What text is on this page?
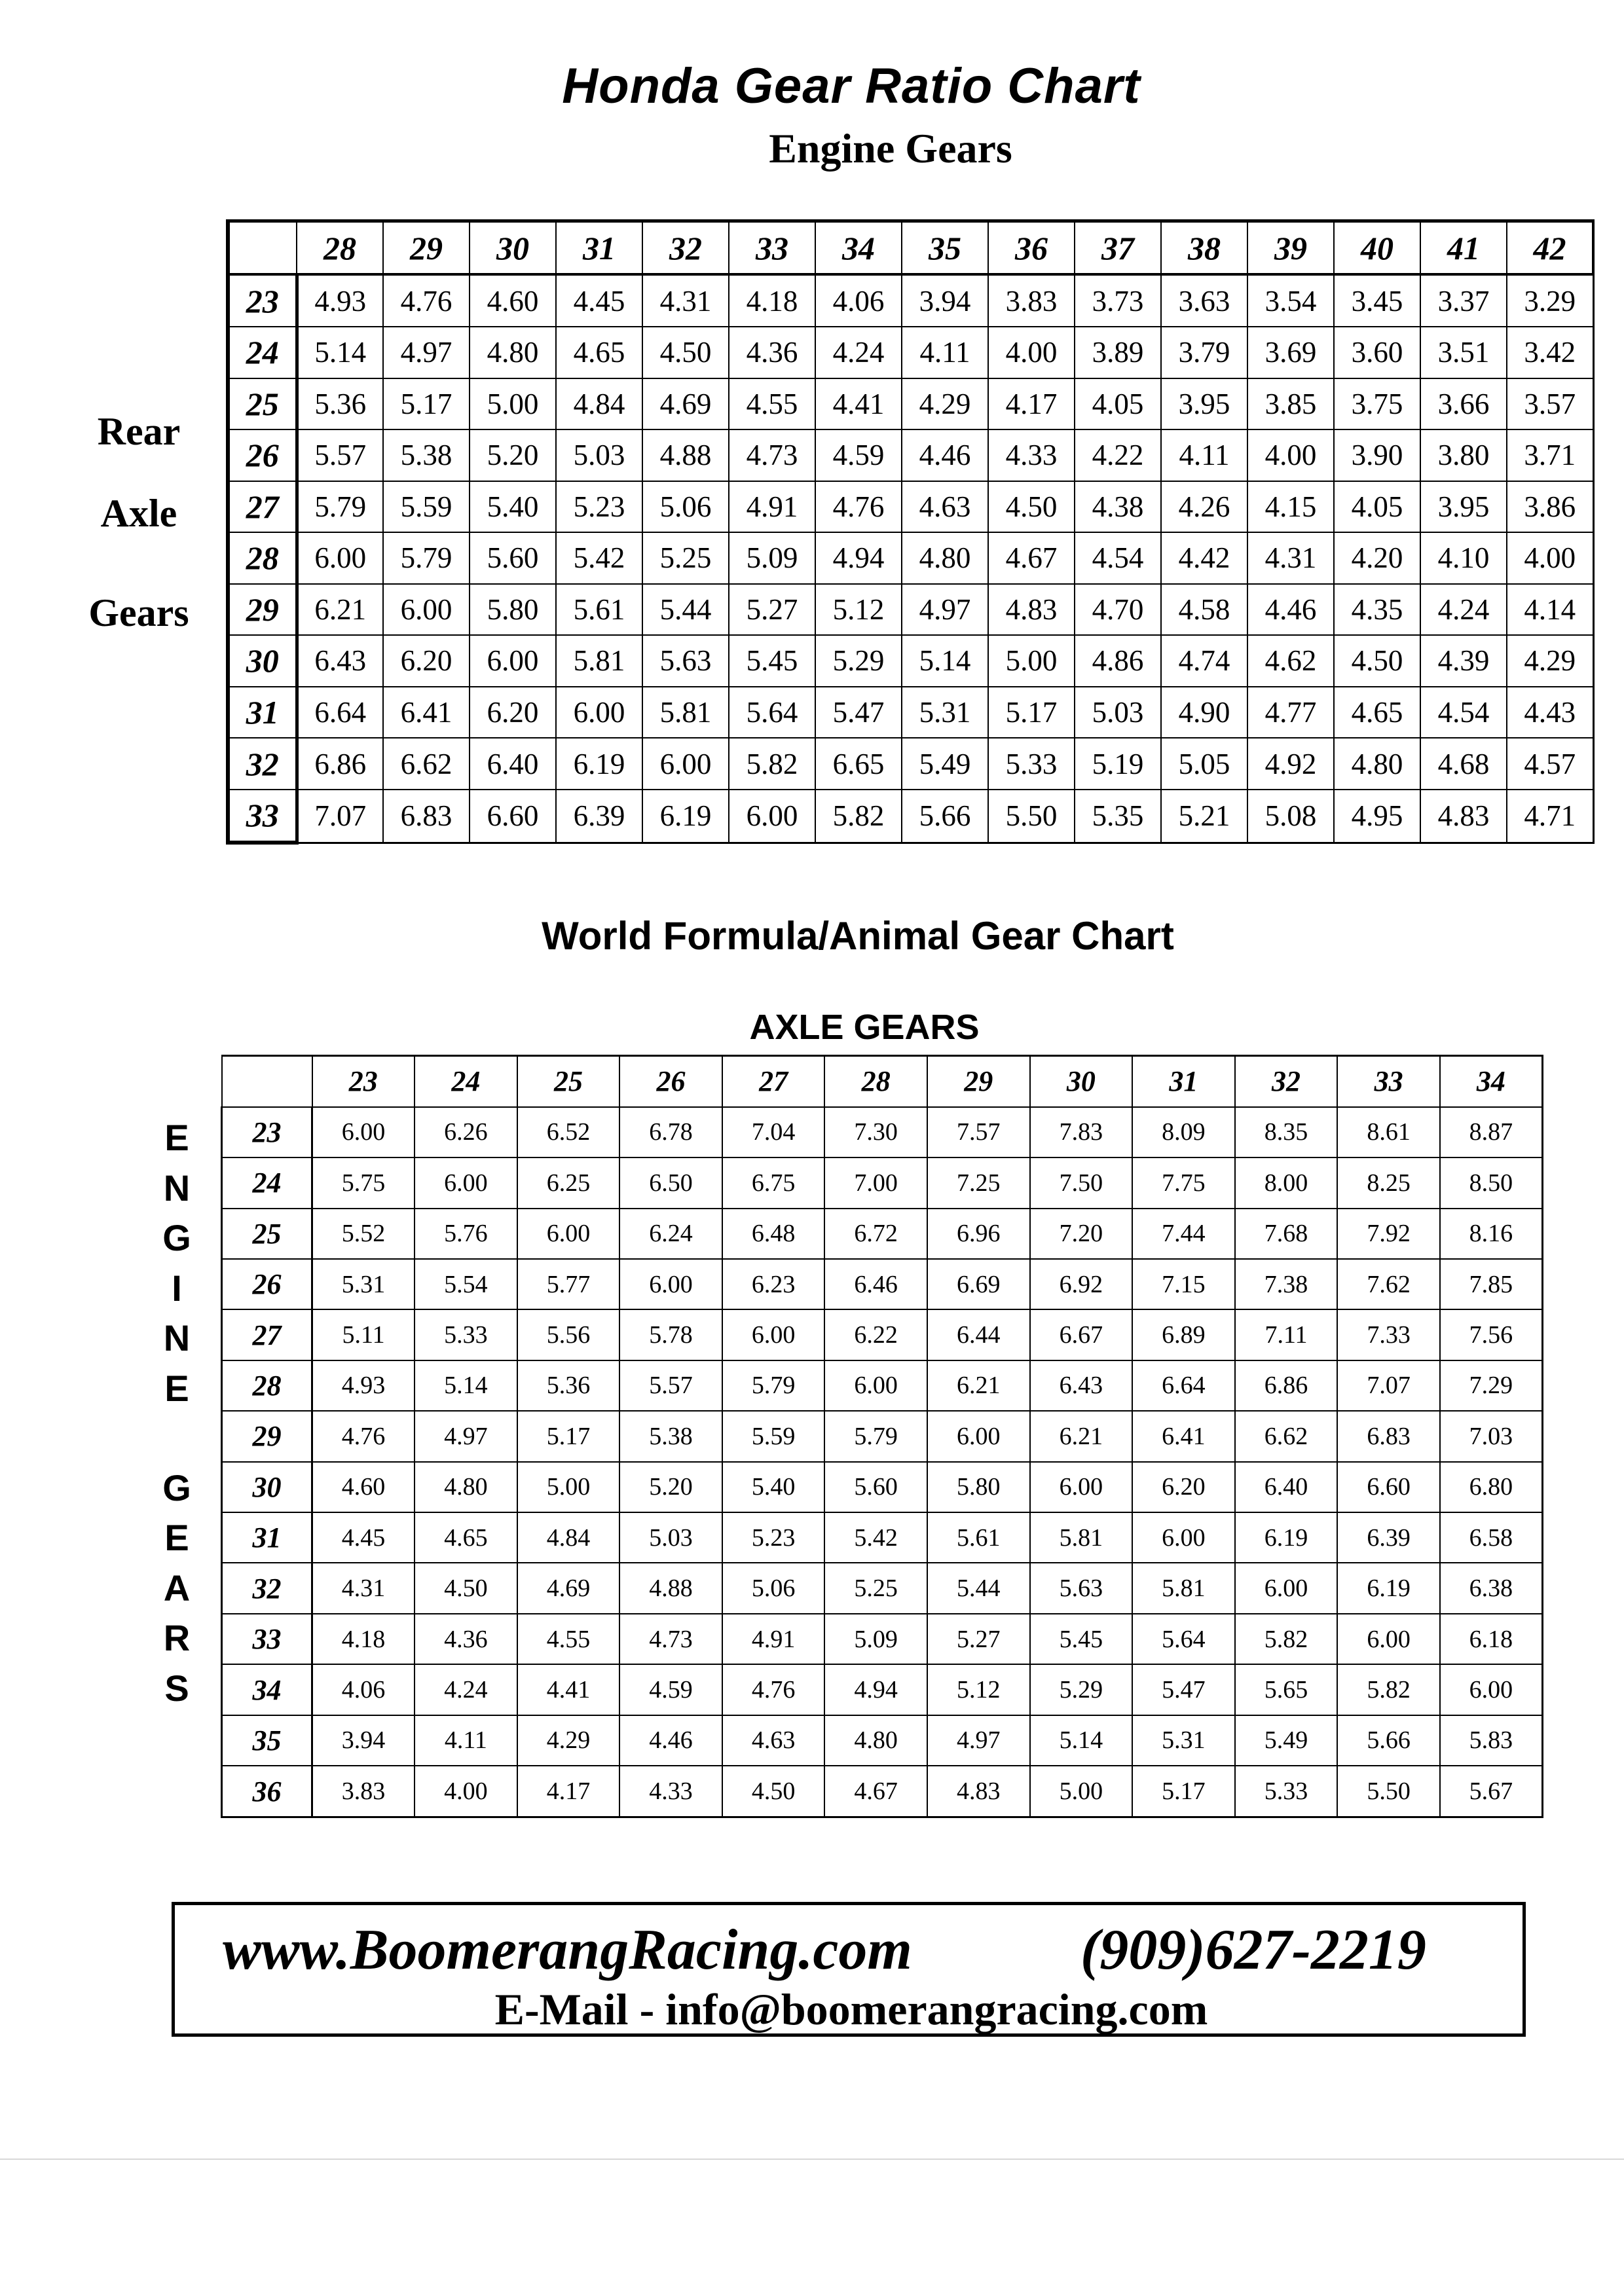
Honda Gear Ratio Chart
Engine Gears
Rear
Axle
Gears
	28	29	30	31	32	33	34	35	36	37	38	39	40	41	42
23	4.93	4.76	4.60	4.45	4.31	4.18	4.06	3.94	3.83	3.73	3.63	3.54	3.45	3.37	3.29
24	5.14	4.97	4.80	4.65	4.50	4.36	4.24	4.11	4.00	3.89	3.79	3.69	3.60	3.51	3.42
25	5.36	5.17	5.00	4.84	4.69	4.55	4.41	4.29	4.17	4.05	3.95	3.85	3.75	3.66	3.57
26	5.57	5.38	5.20	5.03	4.88	4.73	4.59	4.46	4.33	4.22	4.11	4.00	3.90	3.80	3.71
27	5.79	5.59	5.40	5.23	5.06	4.91	4.76	4.63	4.50	4.38	4.26	4.15	4.05	3.95	3.86
28	6.00	5.79	5.60	5.42	5.25	5.09	4.94	4.80	4.67	4.54	4.42	4.31	4.20	4.10	4.00
29	6.21	6.00	5.80	5.61	5.44	5.27	5.12	4.97	4.83	4.70	4.58	4.46	4.35	4.24	4.14
30	6.43	6.20	6.00	5.81	5.63	5.45	5.29	5.14	5.00	4.86	4.74	4.62	4.50	4.39	4.29
31	6.64	6.41	6.20	6.00	5.81	5.64	5.47	5.31	5.17	5.03	4.90	4.77	4.65	4.54	4.43
32	6.86	6.62	6.40	6.19	6.00	5.82	6.65	5.49	5.33	5.19	5.05	4.92	4.80	4.68	4.57
33	7.07	6.83	6.60	6.39	6.19	6.00	5.82	5.66	5.50	5.35	5.21	5.08	4.95	4.83	4.71
World Formula/Animal Gear Chart
AXLE GEARS
E
N
G
I
N
E
G
E
A
R
S
	23	24	25	26	27	28	29	30	31	32	33	34
23	6.00	6.26	6.52	6.78	7.04	7.30	7.57	7.83	8.09	8.35	8.61	8.87
24	5.75	6.00	6.25	6.50	6.75	7.00	7.25	7.50	7.75	8.00	8.25	8.50
25	5.52	5.76	6.00	6.24	6.48	6.72	6.96	7.20	7.44	7.68	7.92	8.16
26	5.31	5.54	5.77	6.00	6.23	6.46	6.69	6.92	7.15	7.38	7.62	7.85
27	5.11	5.33	5.56	5.78	6.00	6.22	6.44	6.67	6.89	7.11	7.33	7.56
28	4.93	5.14	5.36	5.57	5.79	6.00	6.21	6.43	6.64	6.86	7.07	7.29
29	4.76	4.97	5.17	5.38	5.59	5.79	6.00	6.21	6.41	6.62	6.83	7.03
30	4.60	4.80	5.00	5.20	5.40	5.60	5.80	6.00	6.20	6.40	6.60	6.80
31	4.45	4.65	4.84	5.03	5.23	5.42	5.61	5.81	6.00	6.19	6.39	6.58
32	4.31	4.50	4.69	4.88	5.06	5.25	5.44	5.63	5.81	6.00	6.19	6.38
33	4.18	4.36	4.55	4.73	4.91	5.09	5.27	5.45	5.64	5.82	6.00	6.18
34	4.06	4.24	4.41	4.59	4.76	4.94	5.12	5.29	5.47	5.65	5.82	6.00
35	3.94	4.11	4.29	4.46	4.63	4.80	4.97	5.14	5.31	5.49	5.66	5.83
36	3.83	4.00	4.17	4.33	4.50	4.67	4.83	5.00	5.17	5.33	5.50	5.67
www.BoomerangRacing.com	(909)627-2219
E-Mail - info@boomerangracing.com
